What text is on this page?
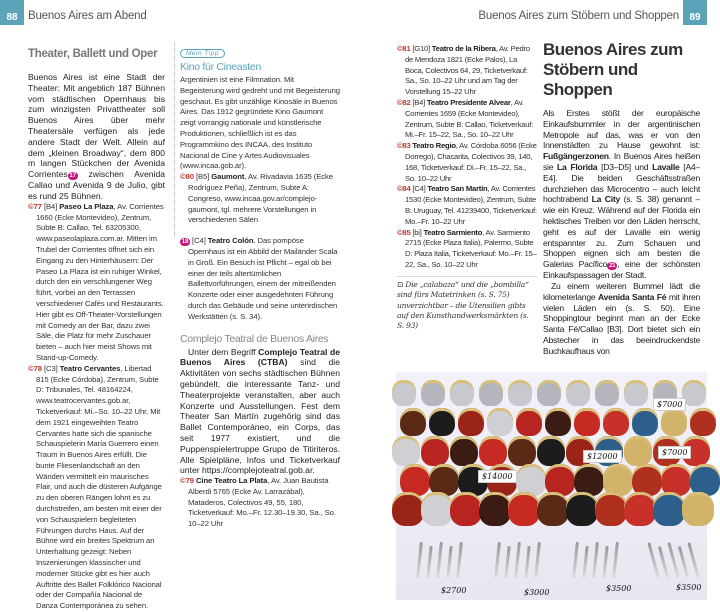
88 Buenos Aires am Abend
Theater, Ballett und Oper

Buenos Aires ist eine Stadt der Theater: Mit angeblich 187 Bühnen vom städtischen Opernhaus bis zum winzigsten Privattheater soll Buenos Aires über mehr Theatersäle verfügen als jede andere Stadt der Welt. Allein auf dem „kleinen Broadway“, dem 800 m langen Stückchen der Avenida Corrientes 17 zwischen Avenida Callao und Avenida 9 de Julio, gibt es rund 25 Bühnen.

©77 [B4] Paseo La Plaza, Av. Corrientes 1660 (Ecke Montevideo), Zentrum, Subte B: Callao, Tel. 63205300, www.paseolaplaza.com.ar. Mitten im Trubel der Corrientes öffnet sich ein Eingang zu den Hinterhäusern: Der Paseo La Plaza ist ein ruhiger Winkel, durch den ein verschlungener Weg führt, vorbei an den Terrassen verschiedener Cafés und Restaurants. Hier gibt es Off-Theater-Vorstellungen mit Comedy an der Bar, dazu zwei Säle, die Platz für mehr Zuschauer bieten – auch hier meist Shows mit Stand-up-Comedy.

©78 [C3] Teatro Cervantes, Libertad 815 (Ecke Córdoba), Zentrum, Subte D: Tribunales, Tel. 48164224, www.teatrocervantes.gob.ar, Ticketverkauf: Mi.–So. 10–22 Uhr. Mit dem 1921 eingeweihten Teatro Cervantes hatte sich die spanische Schauspielerin María Guerrero einen Traum in Buenos Aires erfüllt. Die bunte Fliesenlandschaft an den Wänden vermittelt ein maurisches Flair, und auch die düsteren Aufgänge zu den oberen Rängen lohnt es zu durchstreifen, am besten mit einer der von Schauspielern begleiteten Führungen durchs Haus. Auf der Bühne wird ein breites Spektrum an Unterhaltung gezeigt: Neben Inszenierungen klassischer und moderner Stücke gibt es hier auch Auftritte des Ballet Folklórico Nacional oder der Compañía Nacional de Danza Contemporánea zu sehen.

Mein Tipp
Kino für Cineasten

Argentinien ist eine Filmnation. Mit Begeisterung wird gedreht und mit Begeisterung geschaut. Es gibt unzählige Kinosäle in Buenos Aires. Das 1912 gegründete Kino Gaumont zeigt vorrangig nationale und künstlerische Produktionen, schließlich ist es das Programmkino des INCAA, des Instituto Nacional de Cine y Artes Audiovisuales (www.incaa.gob.ar).

©80 [B5] Gaumont, Av. Rivadavia 1635 (Ecke Rodríguez Peña), Zentrum, Subte A: Congreso, www.incaa.gov.ar/complejo-gaumont, tgl. mehrere Vorstellungen in verschiedenen Sälen

18 [C4] Teatro Colón. Das pompöse Opernhaus ist ein Abbild der Mailänder Scala in Groß. Ein Besuch ist Pflicht – egal ob bei einer der teils altertümlichen Ballettvorführungen, einem der mitreißenden Konzerte oder einer ausgedehnten Führung durch das Gebäude und seine unterirdischen Werkstätten (s. S. 34).

Complejo Teatral de Buenos Aires

Unter dem Begriff Complejo Teatral de Buenos Aires (CTBA) sind die Aktivitäten von sechs städtischen Bühnen gebündelt, die interessante Tanz- und Theaterprojekte veranstalten, aber auch Konzerte und Ausstellungen. Fest dem Theater San Martín zugehörig sind das Ballet Contemporáneo, ein Corps, das seit 1977 existiert, und die Puppenspielertruppe Grupo de Titiriteros. Alle Spielpläne, Infos und Ticketverkauf unter https://complejoteatral.gob.ar.

©79 Cine Teatro La Plata, Av. Juan Bautista Alberdi 5765 (Ecke Av. Larrazábal), Mataderos, Colectivos 49, 55, 180, Ticketverkauf: Mo.–Fr. 12.30–19.30, Sa., So. 10–22 Uhr

Buenos Aires zum Stöbern und Shoppen	89

©81 [G10] Teatro de la Ribera, Av. Pedro de Mendoza 1821 (Ecke Palos), La Boca, Colectivos 64, 29, Ticketverkauf: Sa., So. 10–22 Uhr und am Tag der Vorstellung 15–22 Uhr

©82 [B4] Teatro Presidente Alvear, Av. Corrientes 1659 (Ecke Montevideo), Zentrum, Subte B: Callao, Ticketverkauf: Mi.–Fr. 15–22, Sa., So. 10–22 Uhr

©83 Teatro Regio, Av. Córdoba 6056 (Ecke Dorrego), Chacarita, Colectivos 39, 140, 168, Ticketverkauf: Di.–Fr. 15–22, Sa., So. 10–22 Uhr

©84 [C4] Teatro San Martín, Av. Corrientes 1530 (Ecke Montevideo), Zentrum, Subte B: Uruguay, Tel. 41239400, Ticketverkauf: Mo.–Fr. 10–22 Uhr

©85 [bi] Teatro Sarmiento, Av. Sarmiento 2715 (Ecke Plaza Italia), Palermo, Subte D: Plaza Italia, Ticketverkauf: Mo.–Fr. 15–22, Sa., So. 10–22 Uhr

⊡ Die „calabaza“ und die „bombilla“ sind fürs Matetrinken (s. S. 75) unverzichtbar – die Utensilien gibts auf den Kunsthandwerksmärkten (s. S. 93)

Buenos Aires zum Stöbern und Shoppen

Als Erstes stößt der europäische Einkaufsbummler in der argentinischen Metropole auf das, was er von den Innenstädten zu Hause gewohnt ist: Fußgängerzonen. In Buenos Aires heißen sie La Florida [D3–D5] und Lavalle [A4–E4]. Die beiden Geschäftsstraßen durchziehen das Microcentro – auch leicht hochtrabend La City (s. S. 38) genannt – wie ein Kreuz. Während auf der Florida ein hektisches Treiben vor den Läden herrscht, geht es auf der Lavalle ein wenig entspannter zu. Zum Schauen und Shoppen eignen sich am besten die Galerias Pacífico 21 , eine der schönsten Einkaufspassagen der Stadt.

Zu einem weiteren Bummel lädt die kilometerlange Avenida Santa Fé mit ihren vielen Läden ein (s. S. 50). Eine Shoppingtour beginnt man an der Ecke Santa Fé/Callao [B3]. Dort bietet sich ein Abstecher in das beeindruckendste Buchkaufhaus von

$14000
$12000
$7000
$7000
$2700	$3000	$3500	$3500
